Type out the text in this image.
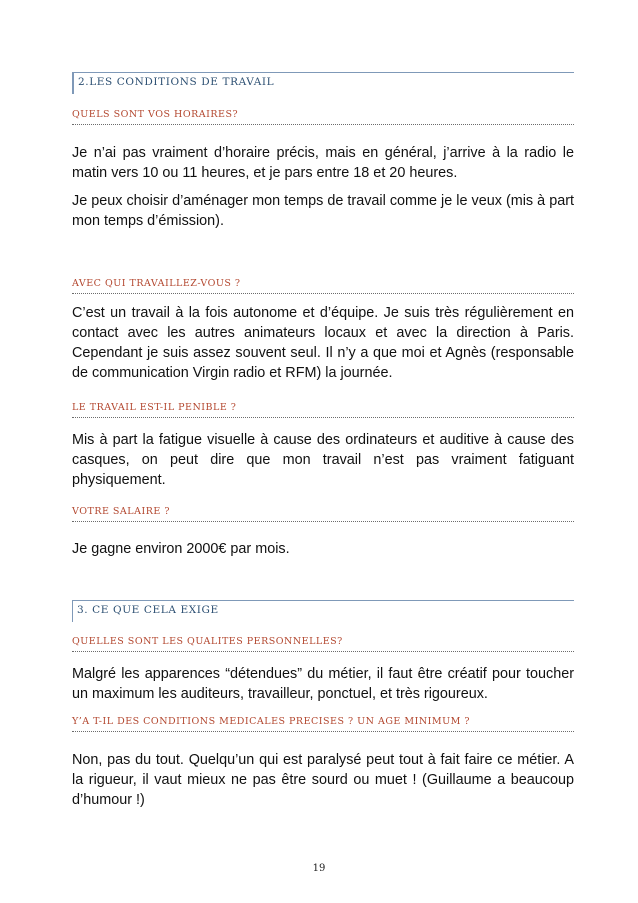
2.LES CONDITIONS DE TRAVAIL
QUELS SONT VOS HORAIRES?

Je n’ai pas vraiment d’horaire précis, mais en général, j’arrive à la radio le matin vers 10 ou 11 heures, et je pars entre 18 et 20 heures.

Je peux choisir d’aménager mon temps de travail comme je le veux (mis à part mon temps d’émission).

AVEC QUI TRAVAILLEZ-VOUS ?

C’est un travail à la fois autonome et d’équipe. Je suis très régulièrement en contact avec les autres animateurs locaux et avec la direction à Paris. Cependant je suis assez souvent seul. Il n’y a que moi et Agnès (responsable de communication Virgin radio et RFM) la journée.

LE TRAVAIL EST-IL PENIBLE ?

Mis à part la fatigue visuelle à cause des ordinateurs et auditive à cause des casques, on peut dire que mon travail n’est pas vraiment fatiguant physiquement.

VOTRE SALAIRE ?

Je gagne environ 2000€ par mois.

3. CE QUE CELA EXIGE
QUELLES SONT LES QUALITES PERSONNELLES?

Malgré les apparences “détendues” du métier, il faut être créatif pour toucher un maximum les auditeurs, travailleur, ponctuel, et très rigoureux.

Y’A T-IL DES CONDITIONS MEDICALES PRECISES ? UN AGE MINIMUM ?

Non, pas du tout. Quelqu’un qui est paralysé peut tout à fait faire ce métier. A la rigueur, il vaut mieux ne pas être sourd ou muet ! (Guillaume a beaucoup d’humour !)

19
